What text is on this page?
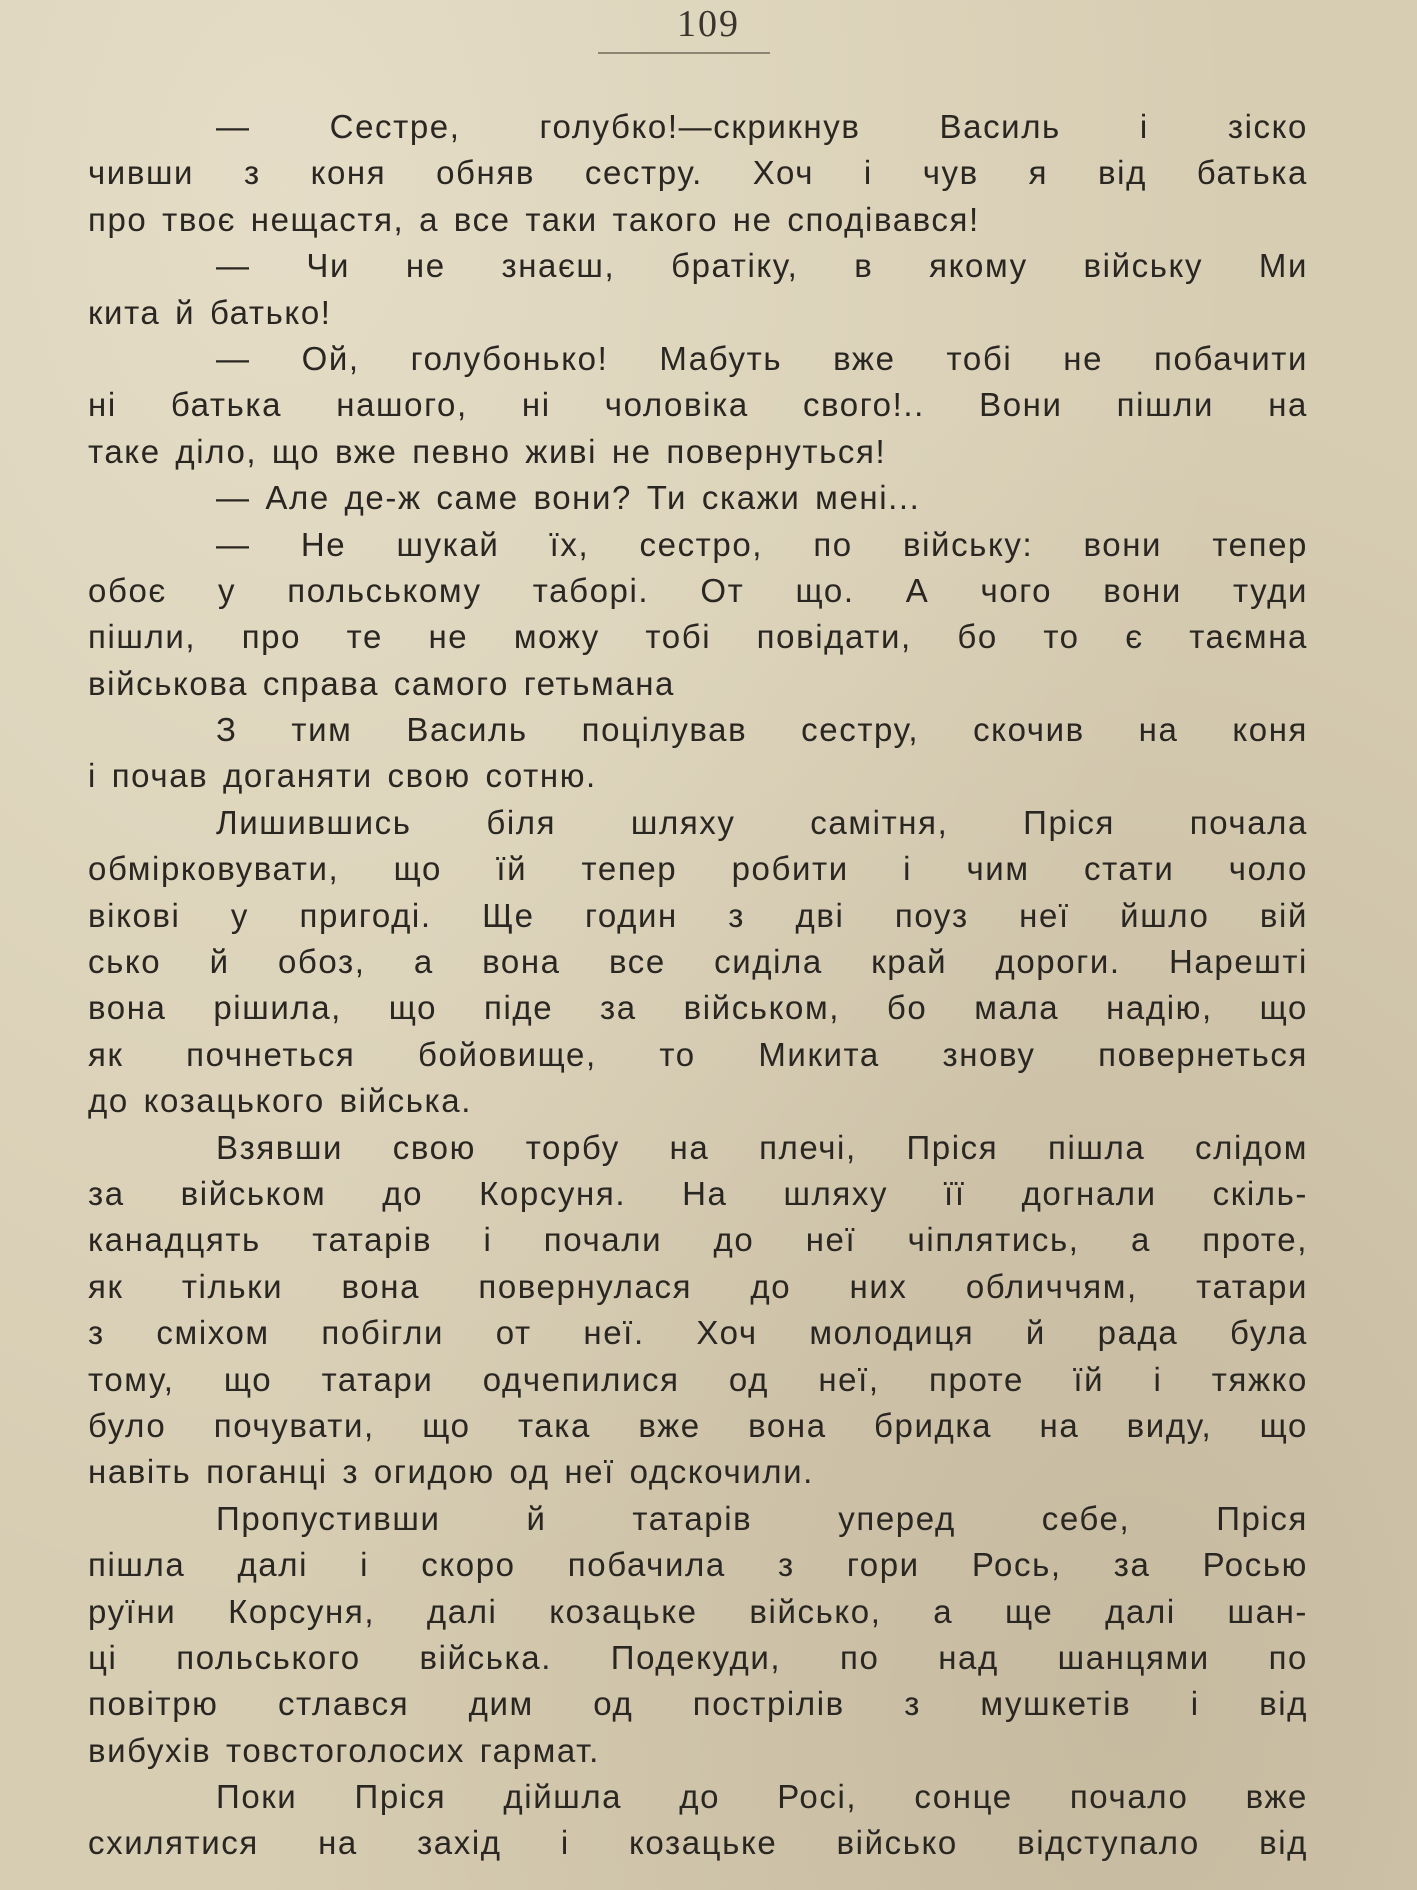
109
— Сестре, голубко!—скрикнув Василь і зіско
чивши з коня обняв сестру. Хоч і чув я від батька
про твоє нещастя, а все таки такого не сподівався!
— Чи не знаєш, братіку, в якому війську Ми
кита й батько!
— Ой, голубонько! Мабуть вже тобі не побачити
ні батька нашого, ні чоловіка свого!.. Вони пішли на
таке діло, що вже певно живі не повернуться!
— Але де-ж саме вони? Ти скажи мені...
— Не шукай їх, сестро, по війську: вони тепер
обоє у польському таборі. От що. А чого вони туди
пішли, про те не можу тобі повідати, бо то є таємна
військова справа самого гетьмана
З тим Василь поцілував сестру, скочив на коня
і почав доганяти свою сотню.
Лишившись біля шляху самітня, Пріся почала
обмірковувати, що їй тепер робити і чим стати чоло
вікові у пригоді. Ще годин з дві поуз неї йшло вій
сько й обоз, а вона все сиділа край дороги. Нарешті
вона рішила, що піде за військом, бо мала надію, що
як почнеться бойовище, то Микита знову повернеться
до козацького війська.
Взявши свою торбу на плечі, Пріся пішла слідом
за військом до Корсуня. На шляху її догнали скіль-
канадцять татарів і почали до неї чіплятись, а проте,
як тільки вона повернулася до них обличчям, татари
з сміхом побігли от неї. Хоч молодиця й рада була
тому, що татари одчепилися од неї, проте їй і тяжко
було почувати, що така вже вона бридка на виду, що
навіть поганці з огидою од неї одскочили.
Пропустивши й татарів уперед себе, Пріся
пішла далі і скоро побачила з гори Рось, за Росью
руїни Корсуня, далі козацьке військо, а ще далі шан-
ці польського війська. Подекуди, по над шанцями по
повітрю стлався дим од пострілів з мушкетів і від
вибухів товстоголосих гармат.
Поки Пріся дійшла до Росі, сонце почало вже
схилятися на захід і козацьке військо відступало від
